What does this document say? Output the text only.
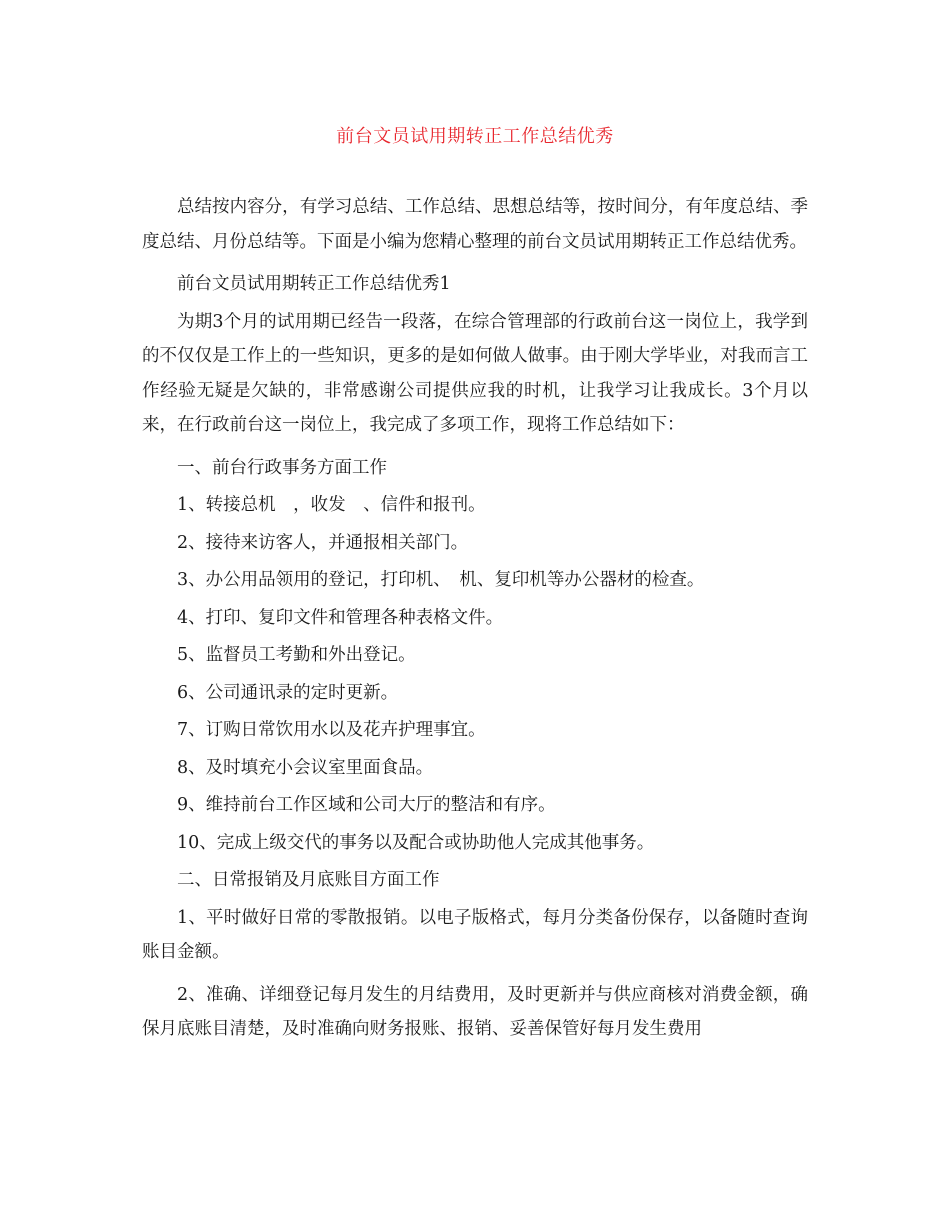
前台文员试用期转正工作总结优秀

总结按内容分，有学习总结、工作总结、思想总结等，按时间分，有年度总结、季度总结、月份总结等。下面是小编为您精心整理的前台文员试用期转正工作总结优秀。

前台文员试用期转正工作总结优秀1

为期3个月的试用期已经告一段落，在综合管理部的行政前台这一岗位上，我学到的不仅仅是工作上的一些知识，更多的是如何做人做事。由于刚大学毕业，对我而言工作经验无疑是欠缺的，非常感谢公司提供应我的时机，让我学习让我成长。3个月以来，在行政前台这一岗位上，我完成了多项工作，现将工作总结如下：

一、前台行政事务方面工作

1、转接总机　，收发　、信件和报刊。

2、接待来访客人，并通报相关部门。

3、办公用品领用的登记，打印机、　机、复印机等办公器材的检查。

4、打印、复印文件和管理各种表格文件。

5、监督员工考勤和外出登记。

6、公司通讯录的定时更新。

7、订购日常饮用水以及花卉护理事宜。

8、及时填充小会议室里面食品。

9、维持前台工作区域和公司大厅的整洁和有序。

10、完成上级交代的事务以及配合或协助他人完成其他事务。

二、日常报销及月底账目方面工作

1、平时做好日常的零散报销。以电子版格式，每月分类备份保存，以备随时查询账目金额。

2、准确、详细登记每月发生的月结费用，及时更新并与供应商核对消费金额，确保月底账目清楚，及时准确向财务报账、报销、妥善保管好每月发生费用
